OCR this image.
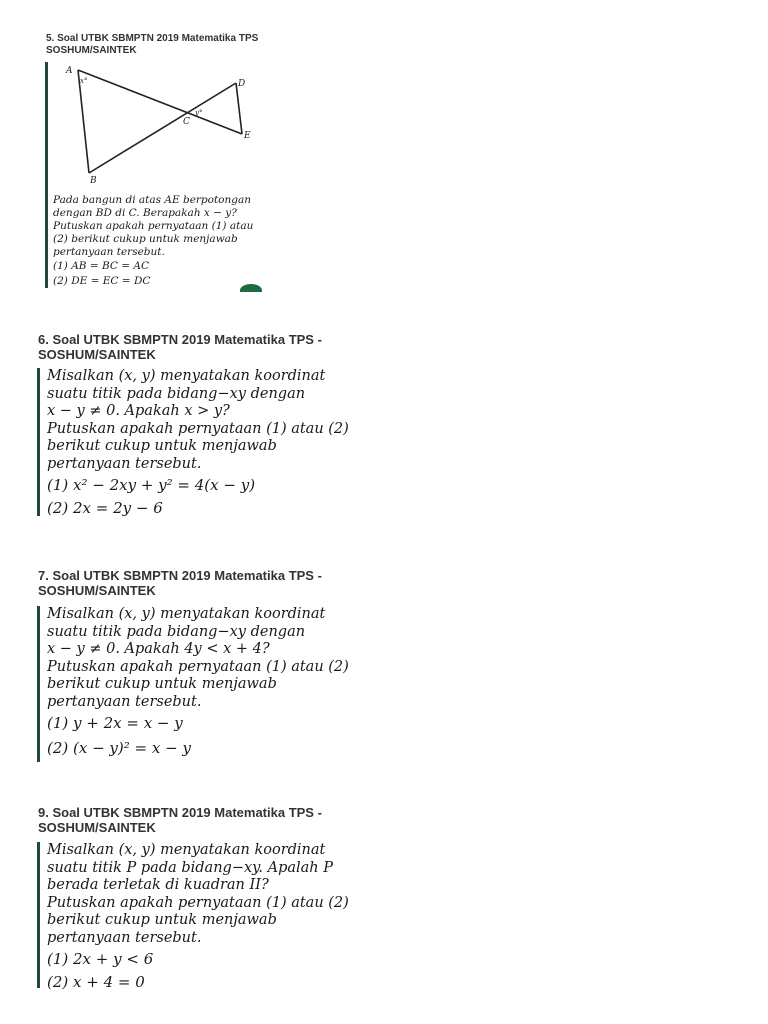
5. Soal UTBK SBMPTN 2019 Matematika TPS
SOSHUM/SAINTEK
A
x°	D
y°
C
E
B
Pada bangun di atas AE berpotongan dengan BD di C. Berapakah x − y? Putuskan apakah pernyataan (1) atau (2) berikut cukup untuk menjawab pertanyaan tersebut.
(1) AB = BC = AC
(2) DE = EC = DC
6. Soal UTBK SBMPTN 2019 Matematika TPS -
SOSHUM/SAINTEK
Misalkan (x, y) menyatakan koordinat
suatu titik pada bidang−xy dengan
x − y ≠ 0. Apakah x > y?
Putuskan apakah pernyataan (1) atau (2)
berikut cukup untuk menjawab
pertanyaan tersebut.
(1) x² − 2xy + y² = 4(x − y)
(2) 2x = 2y − 6
7. Soal UTBK SBMPTN 2019 Matematika TPS -
SOSHUM/SAINTEK
Misalkan (x, y) menyatakan koordinat
suatu titik pada bidang−xy dengan
x − y ≠ 0. Apakah 4y < x + 4?
Putuskan apakah pernyataan (1) atau (2)
berikut cukup untuk menjawab
pertanyaan tersebut.
(1) y + 2x = x − y
(2) (x − y)² = x − y
9. Soal UTBK SBMPTN 2019 Matematika TPS -
SOSHUM/SAINTEK
Misalkan (x, y) menyatakan koordinat
suatu titik P pada bidang−xy. Apalah P
berada terletak di kuadran II?
Putuskan apakah pernyataan (1) atau (2)
berikut cukup untuk menjawab
pertanyaan tersebut.
(1) 2x + y < 6
(2) x + 4 = 0
